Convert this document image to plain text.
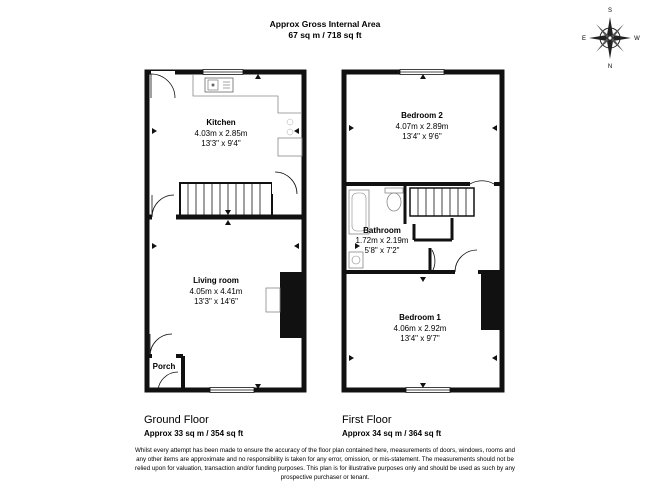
Approx Gross Internal Area
67 sq m / 718 sq ft
S
N
E	W
Kitchen
4.03m x 2.85m
13'3" x 9'4"
Living room
4.05m x 4.41m
13'3" x 14'6"
Porch
Bedroom 2
4.07m x 2.89m
13'4" x 9'6"
Bathroom
1.72m x 2.19m
5'8" x 7'2"
Bedroom 1
4.06m x 2.92m
13'4" x 9'7"
Ground Floor
Approx 33 sq m / 354 sq ft
First Floor
Approx 34 sq m / 364 sq ft
Whilst every attempt has been made to ensure the accuracy of the floor plan contained here, measurements of doors, windows, rooms and
any other items are approximate and no responsibility is taken for any error, omission, or mis-statement. The measurements should not be
relied upon for valuation, transaction and/or funding purposes. This plan is for illustrative purposes only and should be used as such by any
prospective purchaser or tenant.
